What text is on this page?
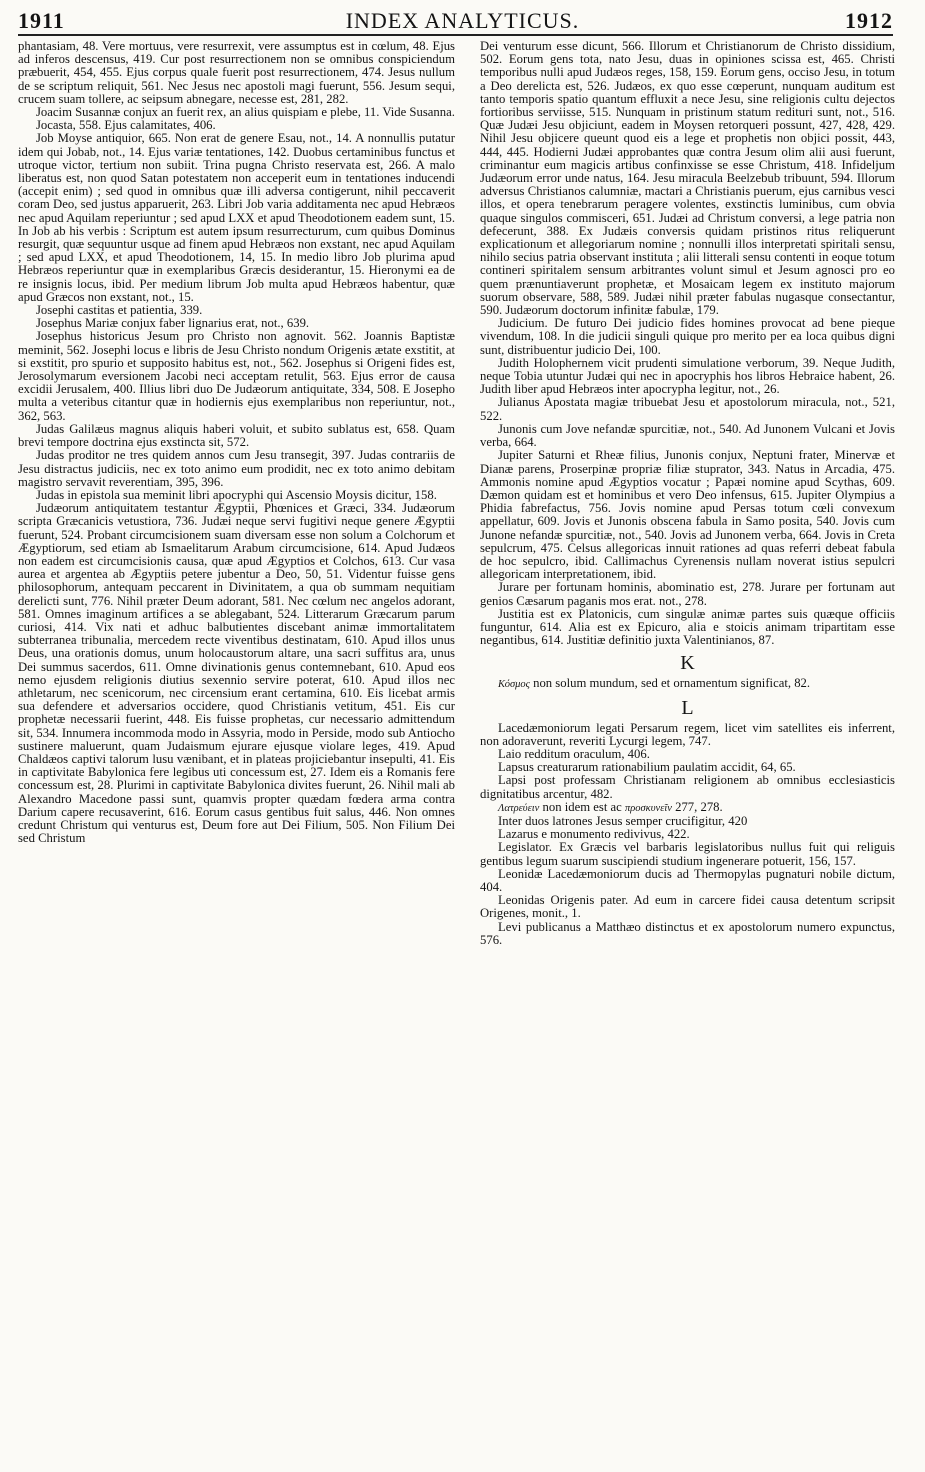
1911	INDEX ANALYTICUS.	1912

phantasiam, 48. Vere mortuus, vere resurrexit, vere assumptus est in cœlum, 48. Ejus ad inferos descensus, 419. Cur post resurrectionem non se omnibus conspiciendum præbuerit, 454, 455. Ejus corpus quale fuerit post resurrectionem, 474. Jesus nullum de se scriptum reliquit, 561. Nec Jesus nec apostoli magi fuerunt, 556. Jesum sequi, crucem suam tollere, ac seipsum abnegare, necesse est, 281, 282.

Joacim Susannæ conjux an fuerit rex, an alius quispiam e plebe, 11. Vide Susanna.

Jocasta, 558. Ejus calamitates, 406.

Job Moyse antiquior, 665. Non erat de genere Esau, not., 14. A nonnullis putatur idem qui Jobab, not., 14. Ejus variæ tentationes, 142. Duobus certaminibus functus et utroque victor, tertium non subiit. Trina pugna Christo reservata est, 266. A malo liberatus est, non quod Satan potestatem non acceperit eum in tentationes inducendi (accepit enim) ; sed quod in omnibus quæ illi adversa contigerunt, nihil peccaverit coram Deo, sed justus apparuerit, 263. Libri Job varia additamenta nec apud Hebræos nec apud Aquilam reperiuntur ; sed apud LXX et apud Theodotionem eadem sunt, 15. In Job ab his verbis : Scriptum est autem ipsum resurrecturum, cum quibus Dominus resurgit, quæ sequuntur usque ad finem apud Hebræos non exstant, nec apud Aquilam ; sed apud LXX, et apud Theodotionem, 14, 15. In medio libro Job plurima apud Hebræos reperiuntur quæ in exemplaribus Græcis desiderantur, 15. Hieronymi ea de re insignis locus, ibid. Per medium librum Job multa apud Hebræos habentur, quæ apud Græcos non exstant, not., 15.

Josephi castitas et patientia, 339.

Josephus Mariæ conjux faber lignarius erat, not., 639.

Josephus historicus Jesum pro Christo non agnovit. 562. Joannis Baptistæ meminit, 562. Josephi locus e libris de Jesu Christo nondum Origenis ætate exstitit, at si exstitit, pro spurio et supposito habitus est, not., 562. Josephus si Origeni fides est, Jerosolymarum eversionem Jacobi neci acceptam retulit, 563. Ejus error de causa excidii Jerusalem, 400. Illius libri duo De Judæorum antiquitate, 334, 508. E Josepho multa a veteribus citantur quæ in hodiernis ejus exemplaribus non reperiuntur, not., 362, 563.

Judas Galilæus magnus aliquis haberi voluit, et subito sublatus est, 658. Quam brevi tempore doctrina ejus exstincta sit, 572.

Judas proditor ne tres quidem annos cum Jesu transegit, 397. Judas contrariis de Jesu distractus judiciis, nec ex toto animo eum prodidit, nec ex toto animo debitam magistro servavit reverentiam, 395, 396.

Judas in epistola sua meminit libri apocryphi qui Ascensio Moysis dicitur, 158.

Judæorum antiquitatem testantur Ægyptii, Phœnices et Græci, 334. Judæorum scripta Græcanicis vetustiora, 736. Judæi neque servi fugitivi neque genere Ægyptii fuerunt, 524. Probant circumcisionem suam diversam esse non solum a Colchorum et Ægyptiorum, sed etiam ab Ismaelitarum Arabum circumcisione, 614. Apud Judæos non eadem est circumcisionis causa, quæ apud Ægyptios et Colchos, 613. Cur vasa aurea et argentea ab Ægyptiis petere jubentur a Deo, 50, 51. Videntur fuisse gens philosophorum, antequam peccarent in Divinitatem, a qua ob summam nequitiam derelicti sunt, 776. Nihil præter Deum adorant, 581. Nec cœlum nec angelos adorant, 581. Omnes imaginum artifices a se ablegabant, 524. Litterarum Græcarum parum curiosi, 414. Vix nati et adhuc balbutientes discebant animæ immortalitatem subterranea tribunalia, mercedem recte viventibus destinatam, 610. Apud illos unus Deus, una orationis domus, unum holocaustorum altare, una sacri suffitus ara, unus Dei summus sacerdos, 611. Omne divinationis genus contemnebant, 610. Apud eos nemo ejusdem religionis diutius sexennio servire poterat, 610. Apud illos nec athletarum, nec scenicorum, nec circensium erant certamina, 610. Eis licebat armis sua defendere et adversarios occidere, quod Christianis vetitum, 451. Eis cur prophetæ necessarii fuerint, 448. Eis fuisse prophetas, cur necessario admittendum sit, 534. Innumera incommoda modo in Assyria, modo in Perside, modo sub Antiocho sustinere maluerunt, quam Judaismum ejurare ejusque violare leges, 419. Apud Chaldæos captivi talorum lusu vænibant, et in plateas projiciebantur insepulti, 41. Eis in captivitate Babylonica fere legibus uti concessum est, 27. Idem eis a Romanis fere concessum est, 28. Plurimi in captivitate Babylonica divites fuerunt, 26. Nihil mali ab Alexandro Macedone passi sunt, quamvis propter quædam fœdera arma contra Darium capere recusaverint, 616. Eorum casus gentibus fuit salus, 446. Non omnes credunt Christum qui venturus est, Deum fore aut Dei Filium, 505. Non Filium Dei sed Christum

Dei venturum esse dicunt, 566. Illorum et Christianorum de Christo dissidium, 502. Eorum gens tota, nato Jesu, duas in opiniones scissa est, 465. Christi temporibus nulli apud Judæos reges, 158, 159. Eorum gens, occiso Jesu, in totum a Deo derelicta est, 526. Judæos, ex quo esse cœperunt, nunquam auditum est tanto temporis spatio quantum effluxit a nece Jesu, sine religionis cultu dejectos fortioribus serviisse, 515. Nunquam in pristinum statum redituri sunt, not., 516. Quæ Judæi Jesu objiciunt, eadem in Moysen retorqueri possunt, 427, 428, 429. Nihil Jesu objicere queunt quod eis a lege et prophetis non objici possit, 443, 444, 445. Hodierni Judæi approbantes quæ contra Jesum olim alii ausi fuerunt, criminantur eum magicis artibus confinxisse se esse Christum, 418. Infideljum Judæorum error unde natus, 164. Jesu miracula Beelzebub tribuunt, 594. Illorum adversus Christianos calumniæ, mactari a Christianis puerum, ejus carnibus vesci illos, et opera tenebrarum peragere volentes, exstinctis luminibus, cum obvia quaque singulos commisceri, 651. Judæi ad Christum conversi, a lege patria non defecerunt, 388. Ex Judæis conversis quidam pristinos ritus reliquerunt explicationum et allegoriarum nomine ; nonnulli illos interpretati spiritali sensu, nihilo secius patria observant instituta ; alii litterali sensu contenti in eoque totum contineri spiritalem sensum arbitrantes volunt simul et Jesum agnosci pro eo quem prænuntiaverunt prophetæ, et Mosaicam legem ex instituto majorum suorum observare, 588, 589. Judæi nihil præter fabulas nugasque consectantur, 590. Judæorum doctorum infinitæ fabulæ, 179.

Judicium. De futuro Dei judicio fides homines provocat ad bene pieque vivendum, 108. In die judicii singuli quique pro merito per ea loca quibus digni sunt, distribuentur judicio Dei, 100.

Judith Holophernem vicit prudenti simulatione verborum, 39. Neque Judith, neque Tobia utuntur Judæi qui nec in apocryphis hos libros Hebraice habent, 26. Judith liber apud Hebræos inter apocrypha legitur, not., 26.

Julianus Apostata magiæ tribuebat Jesu et apostolorum miracula, not., 521, 522.

Junonis cum Jove nefandæ spurcitiæ, not., 540. Ad Junonem Vulcani et Jovis verba, 664.

Jupiter Saturni et Rheæ filius, Junonis conjux, Neptuni frater, Minervæ et Dianæ parens, Proserpinæ propriæ filiæ stuprator, 343. Natus in Arcadia, 475. Ammonis nomine apud Ægyptios vocatur ; Papæi nomine apud Scythas, 609. Dæmon quidam est et hominibus et vero Deo infensus, 615. Jupiter Olympius a Phidia fabrefactus, 756. Jovis nomine apud Persas totum cœli convexum appellatur, 609. Jovis et Junonis obscena fabula in Samo posita, 540. Jovis cum Junone nefandæ spurcitiæ, not., 540. Jovis ad Junonem verba, 664. Jovis in Creta sepulcrum, 475. Celsus allegoricas innuit rationes ad quas referri debeat fabula de hoc sepulcro, ibid. Callimachus Cyrenensis nullam noverat istius sepulcri allegoricam interpretationem, ibid.

Jurare per fortunam hominis, abominatio est, 278. Jurare per fortunam aut genios Cæsarum paganis mos erat. not., 278.

Justitia est ex Platonicis, cum singulæ animæ partes suis quæque officiis funguntur, 614. Alia est ex Epicuro, alia e stoicis animam tripartitam esse negantibus, 614. Justitiæ definitio juxta Valentinianos, 87.

K

Κόσμος non solum mundum, sed et ornamentum significat, 82.

L

Lacedæmoniorum legati Persarum regem, licet vim satellites eis inferrent, non adoraverunt, reveriti Lycurgi legem, 747.

Laio redditum oraculum, 406.

Lapsus creaturarum rationabilium paulatim accidit, 64, 65.

Lapsi post professam Christianam religionem ab omnibus ecclesiasticis dignitatibus arcentur, 482.

Λατρεύειν non idem est ac προσκυνεῖν 277, 278.

Inter duos latrones Jesus semper crucifigitur, 420

Lazarus e monumento redivivus, 422.

Legislator. Ex Græcis vel barbaris legislatoribus nullus fuit qui religuis gentibus legum suarum suscipiendi studium ingenerare potuerit, 156, 157.

Leonidæ Lacedæmoniorum ducis ad Thermopylas pugnaturi nobile dictum, 404.

Leonidas Origenis pater. Ad eum in carcere fidei causa detentum scripsit Origenes, monit., 1.

Levi publicanus a Matthæo distinctus et ex apostolorum numero expunctus, 576.
